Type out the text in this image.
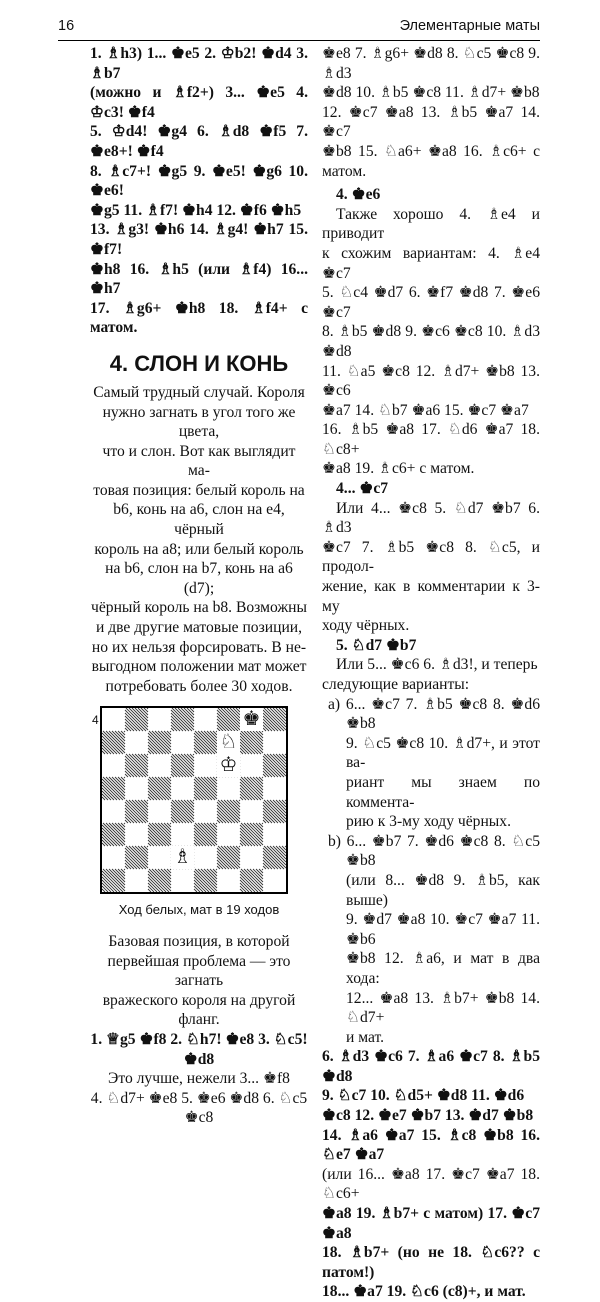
16	Элементарные маты

1. ♗h3) 1... ♚e5 2. ♔b2! ♚d4 3. ♗b7

(можно и ♗f2+) 3... ♚e5 4. ♔c3! ♚f4

5. ♔d4! ♚g4 6. ♗d8 ♚f5 7. ♚e8+! ♚f4

8. ♗c7+! ♚g5 9. ♚e5! ♚g6 10. ♚e6!

♚g5 11. ♗f7! ♚h4 12. ♚f6 ♚h5

13. ♗g3! ♚h6 14. ♗g4! ♚h7 15. ♚f7!

♚h8 16. ♗h5 (или ♗f4) 16... ♚h7

17. ♗g6+ ♚h8 18. ♗f4+ с матом.

4. СЛОН И КОНЬ

Самый трудный случай. Короля

нужно загнать в угол того же цвета,

что и слон. Вот как выглядит ма-

товая позиция: белый король на

b6, конь на a6, слон на e4, чёрный

король на a8; или белый король

на b6, слон на b7, конь на a6 (d7);

чёрный король на b8. Возможны

и две другие матовые позиции,

но их нельзя форсировать. В не-

выгодном положении мат может

потребовать более 30 ходов.

4	♚
♘
♔
♗
Ход белых, мат в 19 ходов

Базовая позиция, в которой

первейшая проблема — это загнать

вражеского короля на другой фланг.

1. ♕g5 ♚f8 2. ♘h7! ♚e8 3. ♘c5! ♚d8

Это лучше, нежели 3... ♚f8

4. ♘d7+ ♚e8 5. ♚e6 ♚d8 6. ♘c5 ♚c8

♚e8 7. ♗g6+ ♚d8 8. ♘c5 ♚c8 9. ♗d3

♚d8 10. ♗b5 ♚c8 11. ♗d7+ ♚b8

12. ♚c7 ♚a8 13. ♗b5 ♚a7 14. ♚c7

♚b8 15. ♘a6+ ♚a8 16. ♗c6+ с матом.

4. ♚e6

Также хорошо 4. ♗e4 и приводит

к схожим вариантам: 4. ♗e4 ♚c7

5. ♘c4 ♚d7 6. ♚f7 ♚d8 7. ♚e6 ♚c7

8. ♗b5 ♚d8 9. ♚c6 ♚c8 10. ♗d3 ♚d8

11. ♘a5 ♚c8 12. ♗d7+ ♚b8 13. ♚c6

♚a7 14. ♘b7 ♚a6 15. ♚c7 ♚a7

16. ♗b5 ♚a8 17. ♘d6 ♚a7 18. ♘c8+

♚a8 19. ♗c6+ с матом.

4... ♚c7

Или 4... ♚c8 5. ♘d7 ♚b7 6. ♗d3

♚c7 7. ♗b5 ♚c8 8. ♘c5, и продол-

жение, как в комментарии к 3-му

ходу чёрных.

5. ♘d7 ♚b7

Или 5... ♚c6 6. ♗d3!, и теперь

следующие варианты:

a) 6... ♚c7 7. ♗b5 ♚c8 8. ♚d6 ♚b8

9. ♘c5 ♚c8 10. ♗d7+, и этот ва-

риант мы знаем по коммента-

рию к 3-му ходу чёрных.

b) 6... ♚b7 7. ♚d6 ♚c8 8. ♘c5 ♚b8

(или 8... ♚d8 9. ♗b5, как выше)

9. ♚d7 ♚a8 10. ♚c7 ♚a7 11. ♚b6

♚b8 12. ♗a6, и мат в два хода:

12... ♚a8 13. ♗b7+ ♚b8 14. ♘d7+

и мат.

6. ♗d3 ♚c6 7. ♗a6 ♚c7 8. ♗b5 ♚d8

9. ♘c7 10. ♘d5+ ♚d8 11. ♚d6

♚c8 12. ♚e7 ♚b7 13. ♚d7 ♚b8

14. ♗a6 ♚a7 15. ♗c8 ♚b8 16. ♘e7 ♚a7

(или 16... ♚a8 17. ♚c7 ♚a7 18. ♘c6+

♚a8 19. ♗b7+ с матом) 17. ♚c7 ♚a8

18. ♗b7+ (но не 18. ♘c6?? с патом!)

18... ♚a7 19. ♘c6 (c8)+, и мат.
